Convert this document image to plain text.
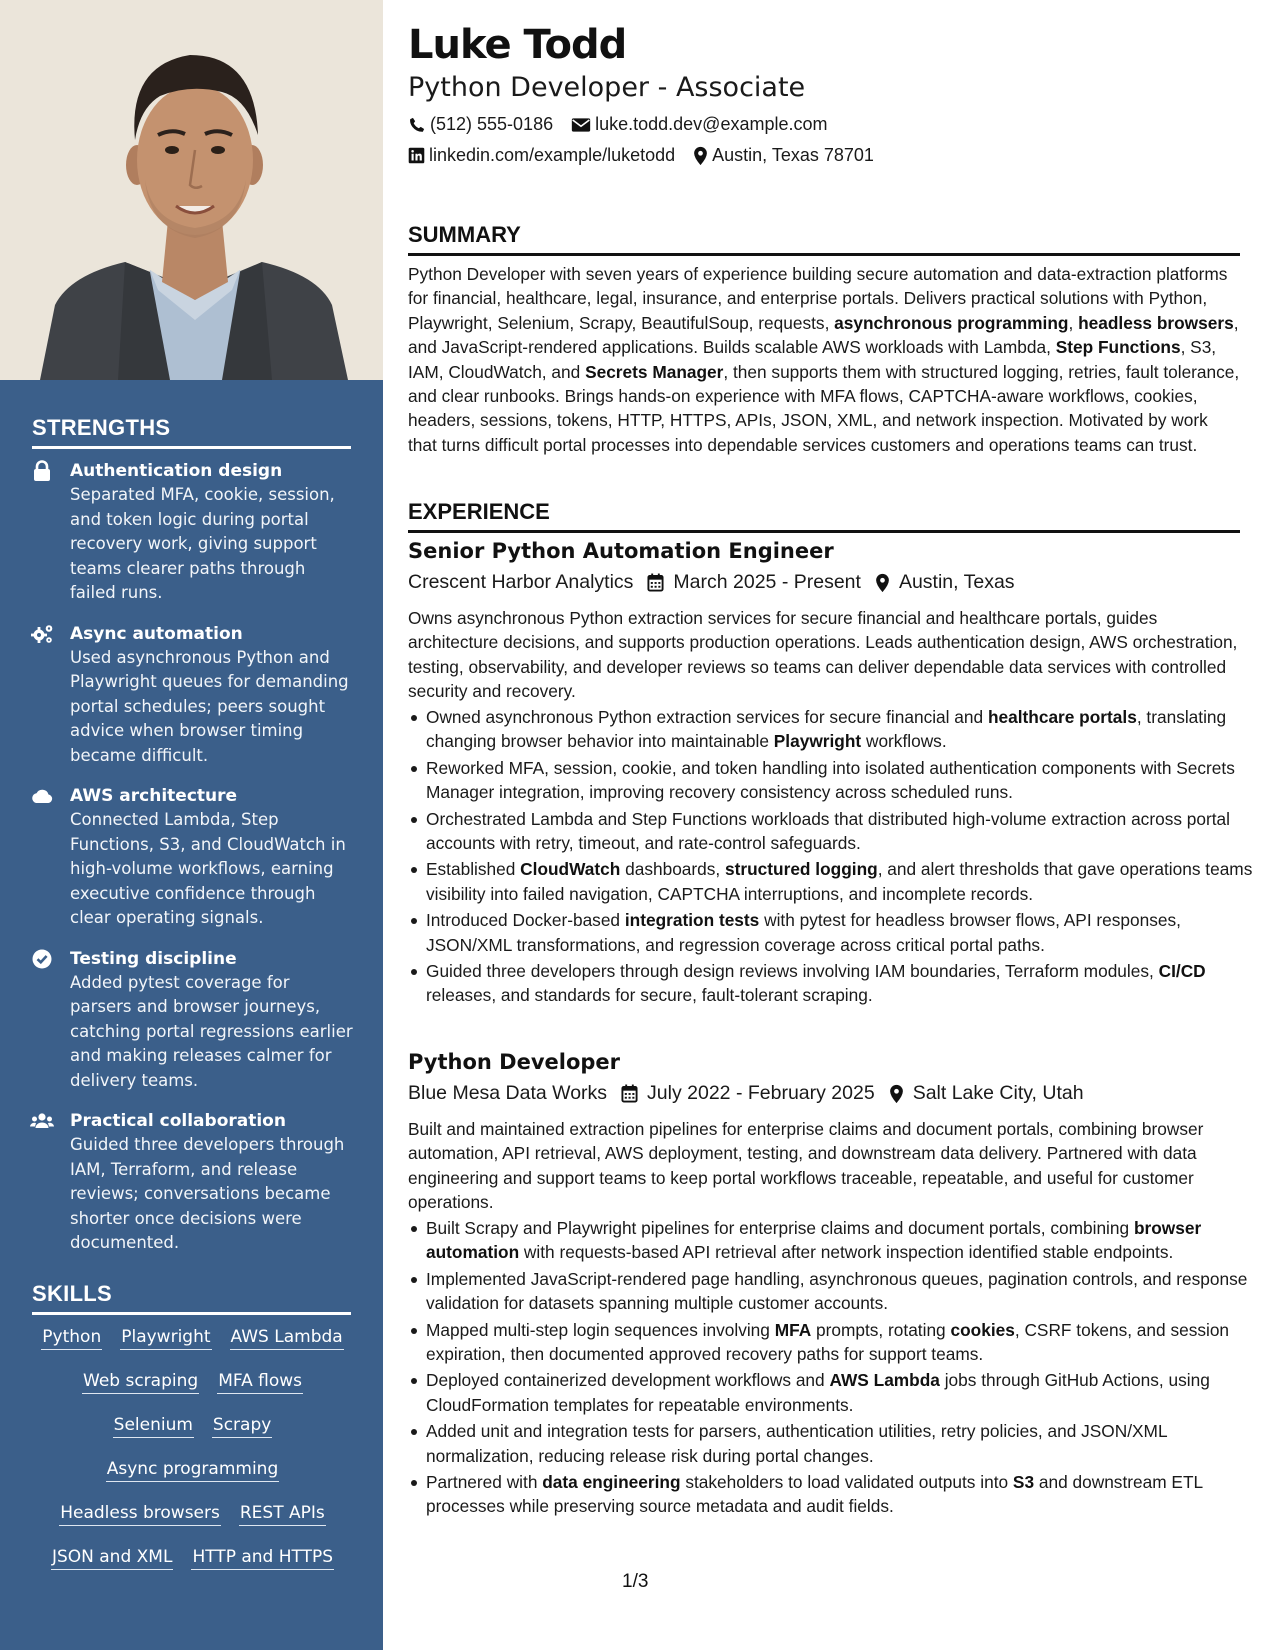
STRENGTHS
Authentication design
Separated MFA, cookie, session, and token logic during portal recovery work, giving support teams clearer paths through failed runs.
Async automation
Used asynchronous Python and Playwright queues for demanding portal schedules; peers sought advice when browser timing became difficult.
AWS architecture
Connected Lambda, Step Functions, S3, and CloudWatch in high-volume workflows, earning executive confidence through clear operating signals.
Testing discipline
Added pytest coverage for parsers and browser journeys, catching portal regressions earlier and making releases calmer for delivery teams.
Practical collaboration
Guided three developers through IAM, Terraform, and release reviews; conversations became shorter once decisions were documented.
SKILLS
Python Playwright AWS Lambda
Web scraping MFA flows
Selenium Scrapy
Async programming
Headless browsers REST APIs
JSON and XML HTTP and HTTPS
Luke Todd
Python Developer - Associate
(512) 555-0186 luke.todd.dev@example.com
linkedin.com/example/luketodd Austin, Texas 78701
SUMMARY
Python Developer with seven years of experience building secure automation and data-extraction platforms for financial, healthcare, legal, insurance, and enterprise portals. Delivers practical solutions with Python, Playwright, Selenium, Scrapy, BeautifulSoup, requests, asynchronous programming, headless browsers, and JavaScript-rendered applications. Builds scalable AWS workloads with Lambda, Step Functions, S3, IAM, CloudWatch, and Secrets Manager, then supports them with structured logging, retries, fault tolerance, and clear runbooks. Brings hands-on experience with MFA flows, CAPTCHA-aware workflows, cookies, headers, sessions, tokens, HTTP, HTTPS, APIs, JSON, XML, and network inspection. Motivated by work that turns difficult portal processes into dependable services customers and operations teams can trust.
EXPERIENCE
Senior Python Automation Engineer
Crescent Harbor Analytics March 2025 - Present Austin, Texas
Owns asynchronous Python extraction services for secure financial and healthcare portals, guides architecture decisions, and supports production operations. Leads authentication design, AWS orchestration, testing, observability, and developer reviews so teams can deliver dependable data services with controlled security and recovery.
Owned asynchronous Python extraction services for secure financial and healthcare portals, translating changing browser behavior into maintainable Playwright workflows.
Reworked MFA, session, cookie, and token handling into isolated authentication components with Secrets Manager integration, improving recovery consistency across scheduled runs.
Orchestrated Lambda and Step Functions workloads that distributed high-volume extraction across portal accounts with retry, timeout, and rate-control safeguards.
Established CloudWatch dashboards, structured logging, and alert thresholds that gave operations teams visibility into failed navigation, CAPTCHA interruptions, and incomplete records.
Introduced Docker-based integration tests with pytest for headless browser flows, API responses, JSON/XML transformations, and regression coverage across critical portal paths.
Guided three developers through design reviews involving IAM boundaries, Terraform modules, CI/CD releases, and standards for secure, fault-tolerant scraping.
Python Developer
Blue Mesa Data Works July 2022 - February 2025 Salt Lake City, Utah
Built and maintained extraction pipelines for enterprise claims and document portals, combining browser automation, API retrieval, AWS deployment, testing, and downstream data delivery. Partnered with data engineering and support teams to keep portal workflows traceable, repeatable, and useful for customer operations.
Built Scrapy and Playwright pipelines for enterprise claims and document portals, combining browser automation with requests-based API retrieval after network inspection identified stable endpoints.
Implemented JavaScript-rendered page handling, asynchronous queues, pagination controls, and response validation for datasets spanning multiple customer accounts.
Mapped multi-step login sequences involving MFA prompts, rotating cookies, CSRF tokens, and session expiration, then documented approved recovery paths for support teams.
Deployed containerized development workflows and AWS Lambda jobs through GitHub Actions, using CloudFormation templates for repeatable environments.
Added unit and integration tests for parsers, authentication utilities, retry policies, and JSON/XML normalization, reducing release risk during portal changes.
Partnered with data engineering stakeholders to load validated outputs into S3 and downstream ETL processes while preserving source metadata and audit fields.
1/3
